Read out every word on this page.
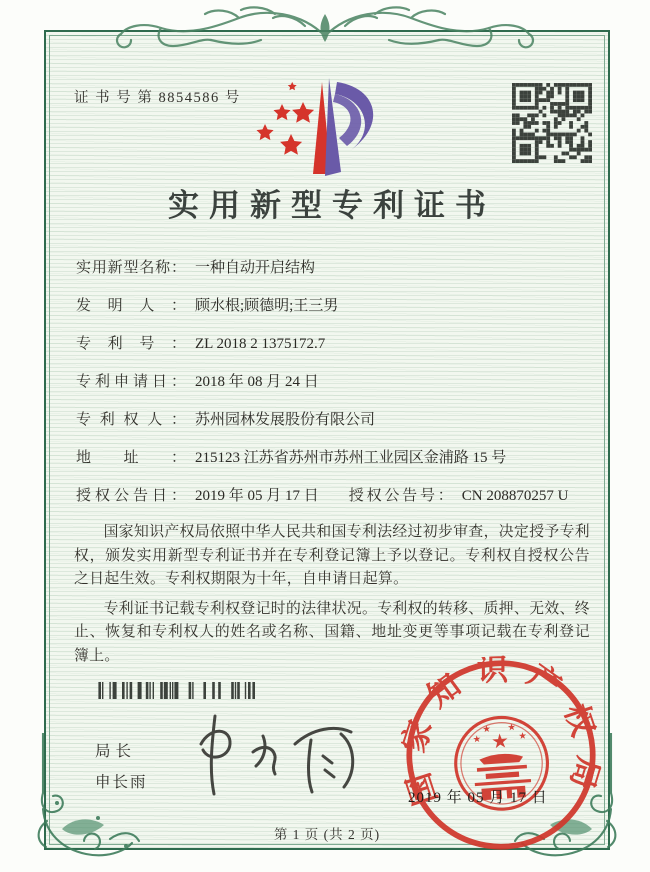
证 书 号 第 8854586 号
实用新型专利证书
实用新型名称： 一种自动开启结构
发明人： 顾水根;顾德明;王三男
专利号： ZL 2018 2 1375172.7
专利申请日： 2018 年 08 月 24 日
专利权人： 苏州园林发展股份有限公司
地址： 215123 江苏省苏州市苏州工业园区金浦路 15 号
授权公告日： 2019 年 05 月 17 日 授权公告号： CN 208870257 U

国家知识产权局依照中华人民共和国专利法经过初步审查，决定授予专利权，颁发实用新型专利证书并在专利登记簿上予以登记。专利权自授权公告之日起生效。专利权期限为十年，自申请日起算。

专利证书记载专利权登记时的法律状况。专利权的转移、质押、无效、终止、恢复和专利权人的姓名或名称、国籍、地址变更等事项记载在专利登记簿上。

局长
申长雨	国家知识产权局
★
★
★ ★
★
2019 年 05 月 17 日
第 1 页 (共 2 页)
